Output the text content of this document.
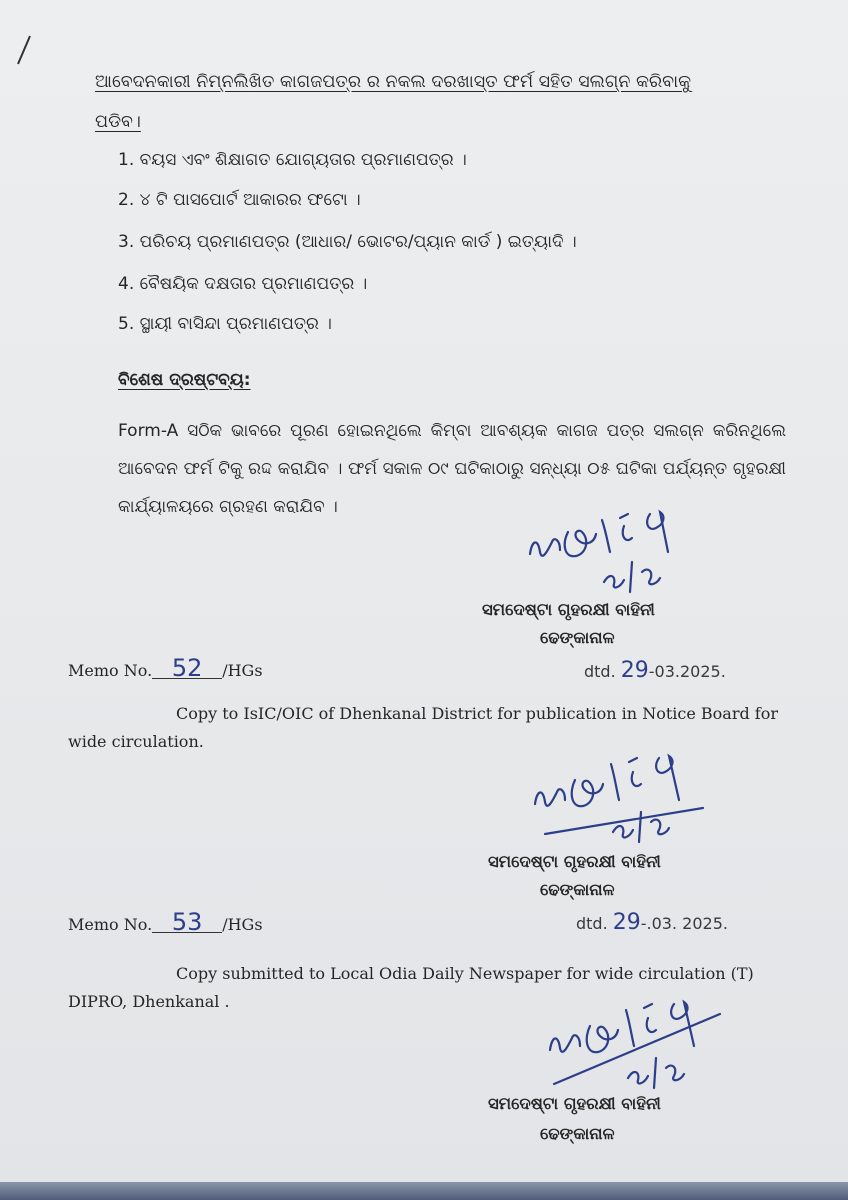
ଆବେଦନକାରୀ ନିମ୍ନଲିଖିତ କାଗଜପତ୍ର ର ନକଲ ଦରଖାସ୍ତ ଫର୍ମ ସହିତ ସଲଗ୍ନ କରିବାକୁ
ପଡିବ।
1. ବୟସ ଏବଂ ଶିକ୍ଷାଗତ ଯୋଗ୍ୟତାର ପ୍ରମାଣପତ୍ର ।
2. ୪ ଟି ପାସପୋର୍ଟ ଆକାରର ଫଟୋ ।
3. ପରିଚୟ ପ୍ରମାଣପତ୍ର (ଆଧାର/ ଭୋଟର/ପ୍ୟାନ କାର୍ଡ ) ଇତ୍ୟାଦି ।
4. ବୈଷୟିକ ଦକ୍ଷତାର ପ୍ରମାଣପତ୍ର ।
5. ସ୍ଥାୟୀ ବାସିନ୍ଦା ପ୍ରମାଣପତ୍ର ।
ବିଶେଷ ଦ୍ରଷ୍ଟବ୍ୟ:
Form-A ସଠିକ ଭାବରେ ପୂରଣ ହୋଇନଥିଲେ କିମ୍ବା ଆବଶ୍ୟକ କାଗଜ ପତ୍ର ସଲଗ୍ନ କରିନଥିଲେ ଆବେଦନ ଫର୍ମ ଟିକୁ ରଦ୍ଦ କରାଯିବ । ଫର୍ମ ସକାଳ ୦୯ ଘଟିକାଠାରୁ ସନ୍ଧ୍ୟା ୦୫ ଘଟିକା ପର୍ଯ୍ୟନ୍ତ ଗୃହରକ୍ଷୀ କାର୍ଯ୍ୟାଳୟରେ ଗ୍ରହଣ କରାଯିବ ।
ସମଦେଷ୍ଟା ଗୃହରକ୍ଷୀ ବାହିନୀ
ଢେଙ୍କାନାଳ
Memo No. 52 /HGs	dtd. 29-03.2025.
Copy to IsIC/OIC of Dhenkanal District for publication in Notice Board for wide circulation.
ସମଦେଷ୍ଟା ଗୃହରକ୍ଷୀ ବାହିନୀ
ଢେଙ୍କାନାଳ
Memo No. 53 /HGs	dtd. 29-.03. 2025.
Copy submitted to Local Odia Daily Newspaper for wide circulation (T) DIPRO, Dhenkanal .
ସମଦେଷ୍ଟା ଗୃହରକ୍ଷୀ ବାହିନୀ
ଢେଙ୍କାନାଳ
